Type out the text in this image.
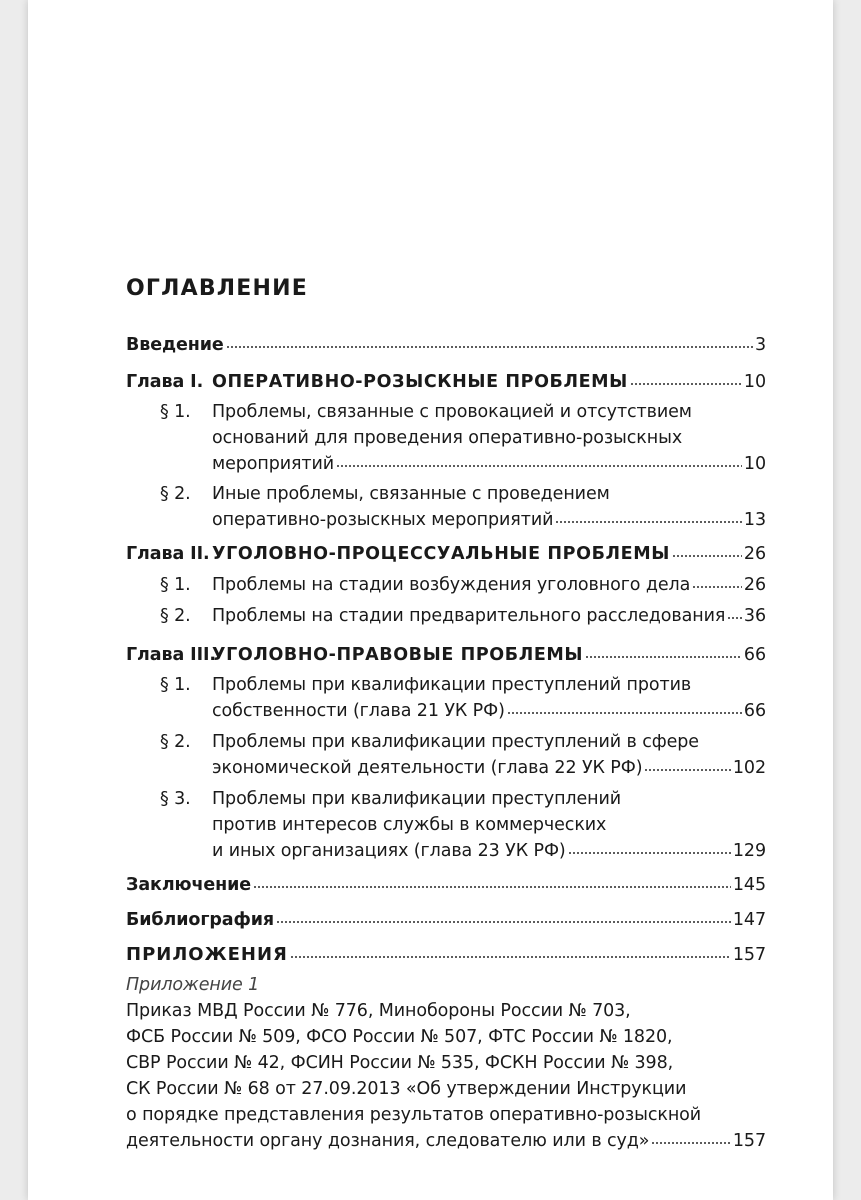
ОГЛАВЛЕНИЕ
Введение	3
Глава I. ОПЕРАТИВНО-РОЗЫСКНЫЕ ПРОБЛЕМЫ	10
§ 1. Проблемы, связанные с провокацией и отсутствием
оснований для проведения оперативно-розыскных
мероприятий	10
§ 2. Иные проблемы, связанные с проведением
оперативно-розыскных мероприятий	13
Глава II. УГОЛОВНО-ПРОЦЕССУАЛЬНЫЕ ПРОБЛЕМЫ	26
§ 1. Проблемы на стадии возбуждения уголовного дела	26
§ 2. Проблемы на стадии предварительного расследования 36
Глава III.
УГОЛОВНО-ПРАВОВЫЕ ПРОБЛЕМЫ	66
§ 1. Проблемы при квалификации преступлений против
собственности (глава 21 УК РФ)	66
§ 2. Проблемы при квалификации преступлений в сфере
экономической деятельности (глава 22 УК РФ)	102
§ 3. Проблемы при квалификации преступлений
против интересов службы в коммерческих
и иных организациях (глава 23 УК РФ)	129
Заключение	145
Библиография	147
ПРИЛОЖЕНИЯ	157
Приложение 1
Приказ МВД России № 776, Минобороны России № 703,
ФСБ России № 509, ФСО России № 507, ФТС России № 1820,
СВР России № 42, ФСИН России № 535, ФСКН России № 398,
СК России № 68 от 27.09.2013 «Об утверждении Инструкции
о порядке представления результатов оперативно-розыскной
деятельности органу дознания, следователю или в суд»	157
